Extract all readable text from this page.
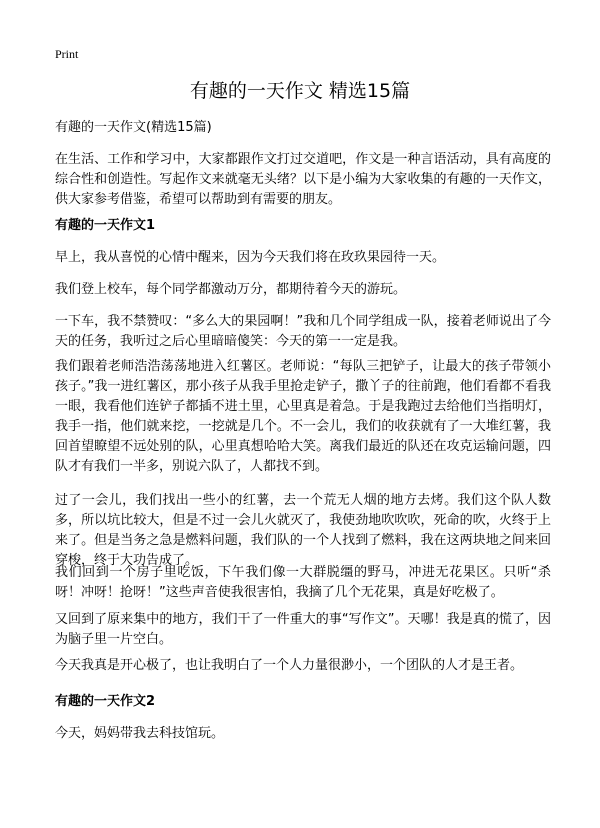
Print
有趣的一天作文 精选15篇
有趣的一天作文(精选15篇)

在生活、工作和学习中，大家都跟作文打过交道吧，作文是一种言语活动，具有高度的综合性和创造性。写起作文来就毫无头绪？以下是小编为大家收集的有趣的一天作文，供大家参考借鉴，希望可以帮助到有需要的朋友。

有趣的一天作文1

早上，我从喜悦的心情中醒来，因为今天我们将在玫玖果园待一天。

我们登上校车，每个同学都激动万分，都期待着今天的游玩。

一下车，我不禁赞叹：“多么大的果园啊！”我和几个同学组成一队，接着老师说出了今天的任务，我听过之后心里暗暗傻笑：今天的第一一定是我。

我们跟着老师浩浩荡荡地进入红薯区。老师说：“每队三把铲子，让最大的孩子带领小孩子。”我一进红薯区，那小孩子从我手里抢走铲子，撒丫子的往前跑，他们看都不看我一眼，我看他们连铲子都插不进土里，心里真是着急。于是我跑过去给他们当指明灯，我手一指，他们就来挖，一挖就是几个。不一会儿，我们的收获就有了一大堆红薯，我回首望瞭望不远处别的队，心里真想哈哈大笑。离我们最近的队还在攻克运输问题，四队才有我们一半多，别说六队了，人都找不到。

过了一会儿，我们找出一些小的红薯，去一个荒无人烟的地方去烤。我们这个队人数多，所以坑比较大，但是不过一会儿火就灭了，我使劲地吹吹吹，死命的吹，火终于上来了。但是当务之急是燃料问题，我们队的一个人找到了燃料，我在这两块地之间来回穿梭，终于大功告成了。

我们回到一个房子里吃饭，下午我们像一大群脱缰的野马，冲进无花果区。只听“杀呀！冲呀！抢呀！”这些声音使我很害怕，我摘了几个无花果，真是好吃极了。

又回到了原来集中的地方，我们干了一件重大的事“写作文”。天哪！我是真的慌了，因为脑子里一片空白。

今天我真是开心极了，也让我明白了一个人力量很渺小，一个团队的人才是王者。

有趣的一天作文2

今天，妈妈带我去科技馆玩。
